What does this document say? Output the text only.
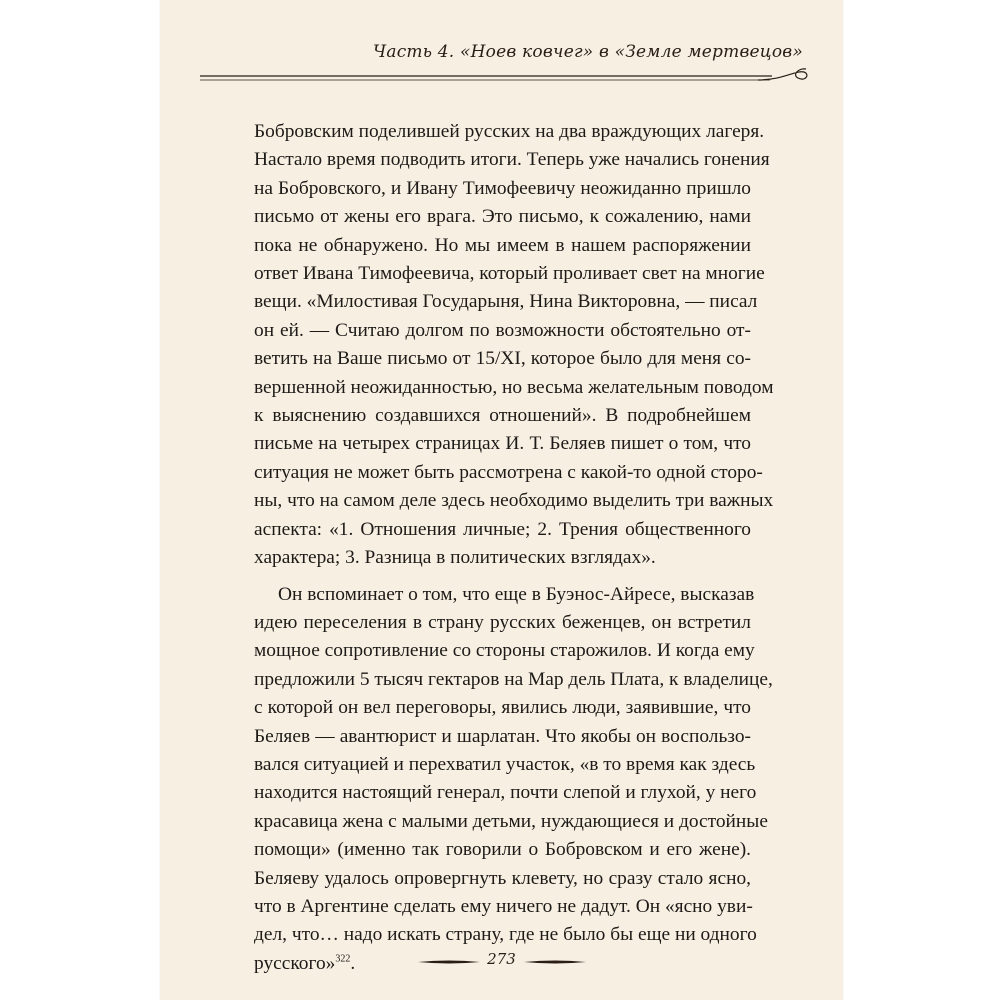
Часть 4. «Ноев ковчег» в «Земле мертвецов»

Бобровским поделившей русских на два враждующих лагеря.
Настало время подводить итоги. Теперь уже начались гонения
на Бобровского, и Ивану Тимофеевичу неожиданно пришло
письмо от жены его врага. Это письмо, к сожалению, нами
пока не обнаружено. Но мы имеем в нашем распоряжении
ответ Ивана Тимофеевича, который проливает свет на многие
вещи. «Милостивая Государыня, Нина Викторовна, — писал
он ей. — Считаю долгом по возможности обстоятельно от-
ветить на Ваше письмо от 15/XI, которое было для меня со-
вершенной неожиданностью, но весьма желательным поводом
к выяснению создавшихся отношений». В подробнейшем
письме на четырех страницах И. Т. Беляев пишет о том, что
ситуация не может быть рассмотрена с какой-то одной сторо-
ны, что на самом деле здесь необходимо выделить три важных
аспекта: «1. Отношения личные; 2. Трения общественного
характера; 3. Разница в политических взглядах».

Он вспоминает о том, что еще в Буэнос-Айресе, высказав
идею переселения в страну русских беженцев, он встретил
мощное сопротивление со стороны старожилов. И когда ему
предложили 5 тысяч гектаров на Мар дель Плата, к владелице,
с которой он вел переговоры, явились люди, заявившие, что
Беляев — авантюрист и шарлатан. Что якобы он воспользо-
вался ситуацией и перехватил участок, «в то время как здесь
находится настоящий генерал, почти слепой и глухой, у него
красавица жена с малыми детьми, нуждающиеся и достойные
помощи» (именно так говорили о Бобровском и его жене).
Беляеву удалось опровергнуть клевету, но сразу стало ясно,
что в Аргентине сделать ему ничего не дадут. Он «ясно уви-
дел, что… надо искать страну, где не было бы еще ни одного
русского»$^{322}$.	273
